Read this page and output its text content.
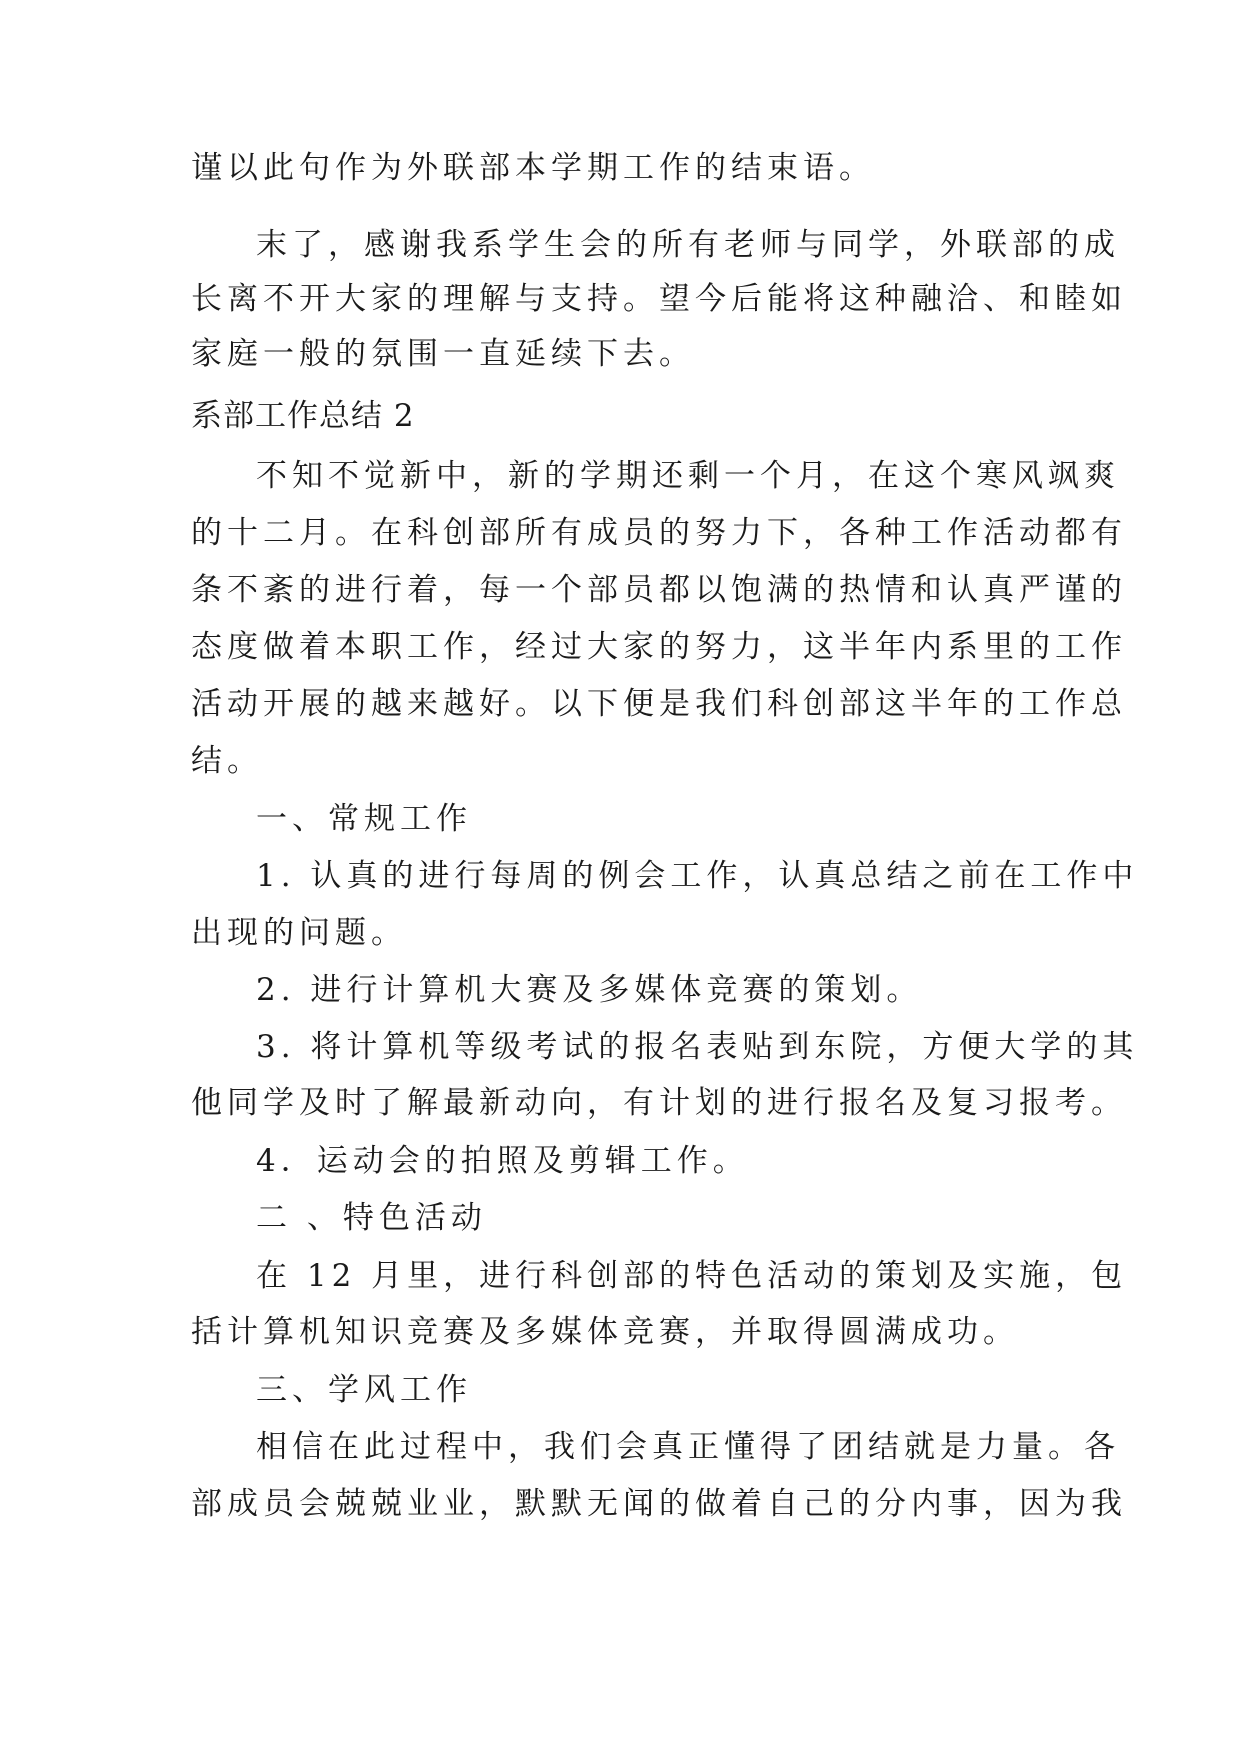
谨以此句作为外联部本学期工作的结束语。
末了，感谢我系学生会的所有老师与同学，外联部的成
长离不开大家的理解与支持。望今后能将这种融洽、和睦如
家庭一般的氛围一直延续下去。
系部工作总结 2
不知不觉新中，新的学期还剩一个月，在这个寒风飒爽
的十二月。在科创部所有成员的努力下，各种工作活动都有
条不紊的进行着，每一个部员都以饱满的热情和认真严谨的
态度做着本职工作，经过大家的努力，这半年内系里的工作
活动开展的越来越好。以下便是我们科创部这半年的工作总
结。
一、常规工作
1. 认真的进行每周的例会工作，认真总结之前在工作中
出现的问题。
2. 进行计算机大赛及多媒体竞赛的策划。
3. 将计算机等级考试的报名表贴到东院，方便大学的其
他同学及时了解最新动向，有计划的进行报名及复习报考。
4．运动会的拍照及剪辑工作。
二 、特色活动
在 12 月里，进行科创部的特色活动的策划及实施，包
括计算机知识竞赛及多媒体竞赛，并取得圆满成功。
三、学风工作
相信在此过程中，我们会真正懂得了团结就是力量。各
部成员会兢兢业业，默默无闻的做着自己的分内事，因为我
